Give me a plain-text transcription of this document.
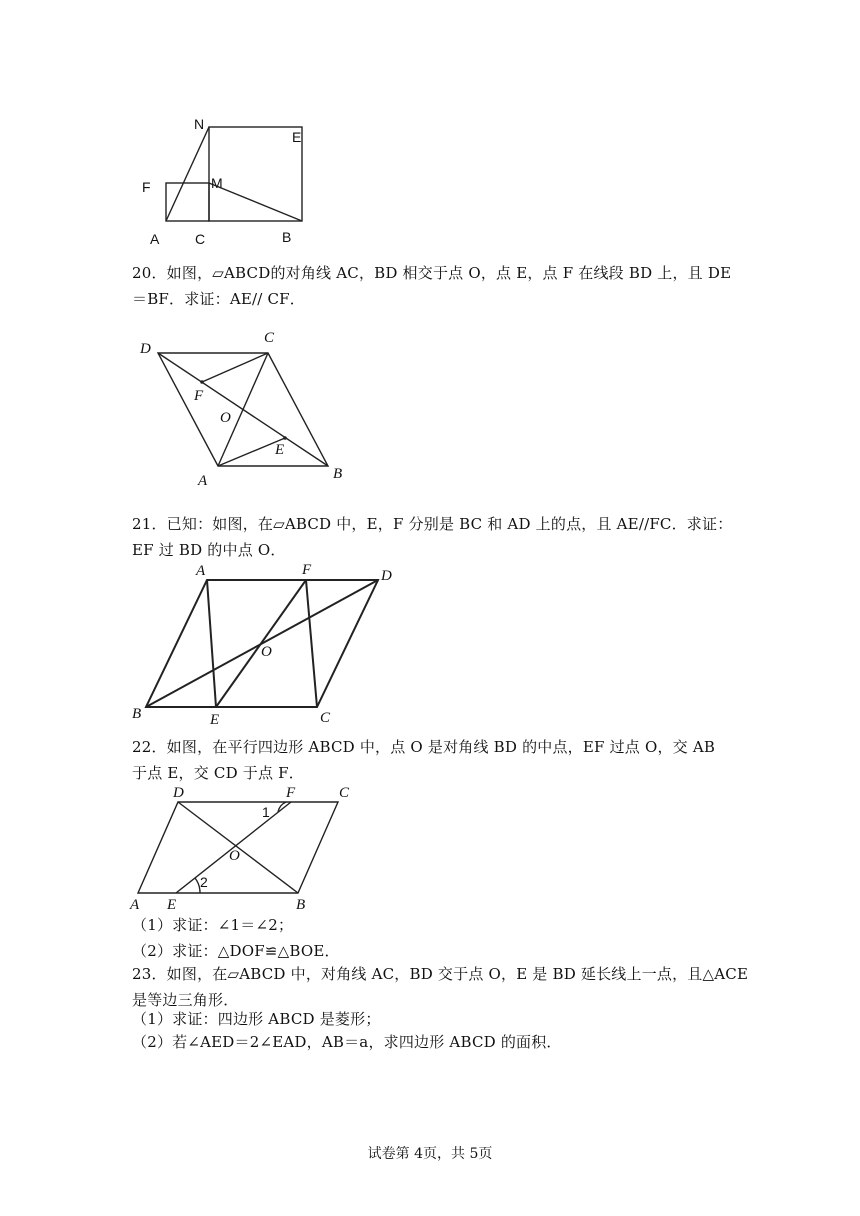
N
E
F	M
A	C	B
20．如图，▱ABCD的对角线 AC，BD 相交于点 O，点 E，点 F 在线段 BD 上，且 DE
＝BF．求证：AE// CF．
D
C
F
O
E
A	B
21．已知：如图，在▱ABCD 中，E，F 分别是 BC 和 AD 上的点，且 AE//FC．求证：
EF 过 BD 的中点 O．
A	F	D
O
B	E	C
22．如图，在平行四边形 ABCD 中，点 O 是对角线 BD 的中点，EF 过点 O，交 AB
于点 E，交 CD 于点 F．
D	F	C
1
O
2
A E	B
（1）求证：∠1＝∠2；
（2）求证：△DOF≌△BOE．
23．如图，在▱ABCD 中，对角线 AC，BD 交于点 O，E 是 BD 延长线上一点，且△ACE
是等边三角形．
（1）求证：四边形 ABCD 是菱形；
（2）若∠AED＝2∠EAD，AB＝a，求四边形 ABCD 的面积．
试卷第 4页，共 5页
